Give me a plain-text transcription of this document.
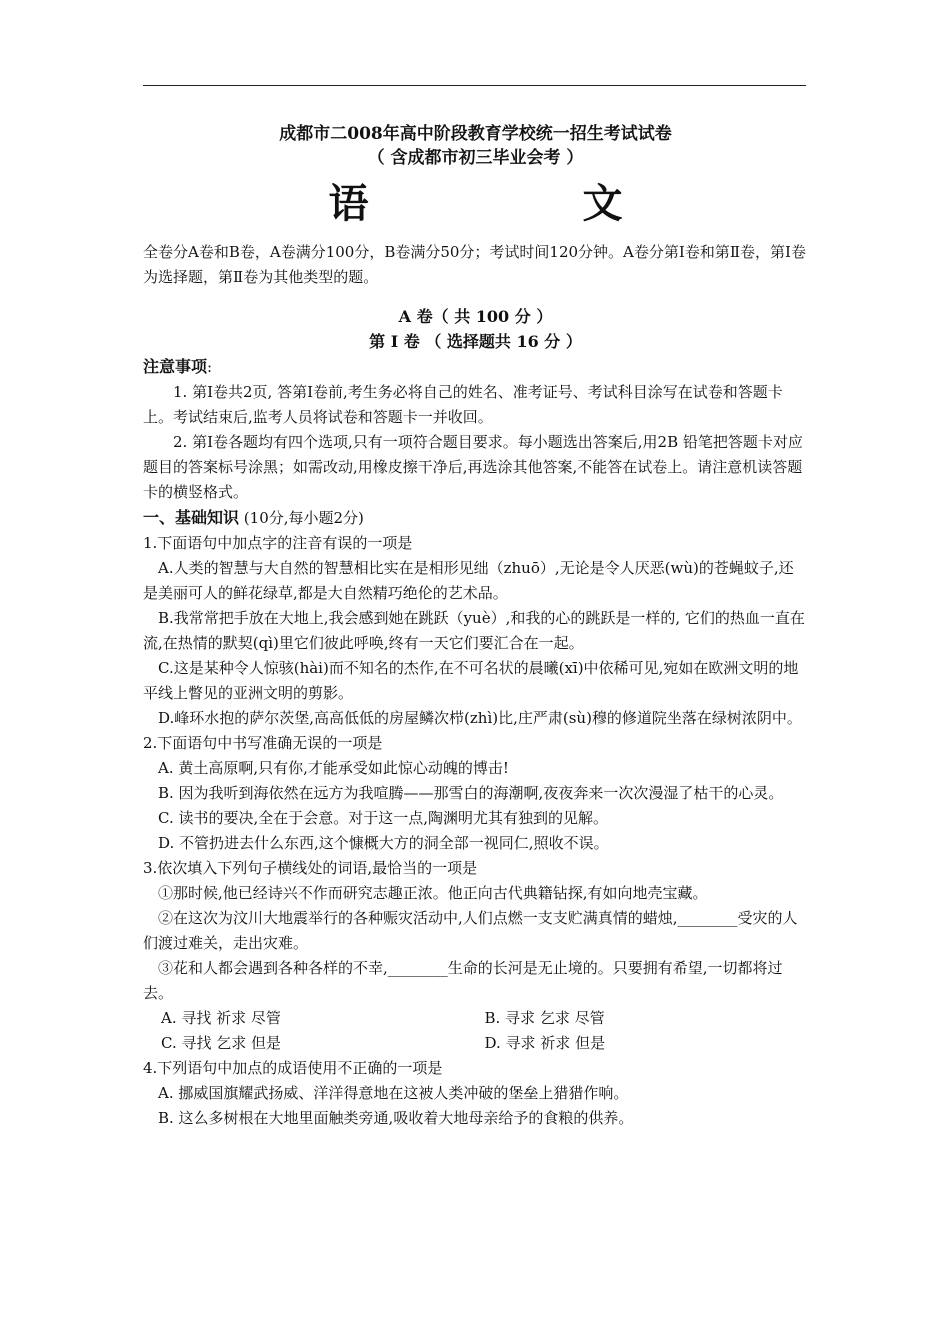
成都市二008年高中阶段教育学校统一招生考试试卷
（ 含成都市初三毕业会考 ）
语 文

全卷分A卷和B卷，A卷满分100分，B卷满分50分；考试时间120分钟。A卷分第Ⅰ卷和第Ⅱ卷，第Ⅰ卷为选择题，第Ⅱ卷为其他类型的题。

A 卷（ 共 100 分 ）
第 Ⅰ 卷 （ 选择题共 16 分 ）

注意事项:

1. 第Ⅰ卷共2页, 答第Ⅰ卷前,考生务必将自己的姓名、准考证号、考试科目涂写在试卷和答题卡上。考试结束后,监考人员将试卷和答题卡一并收回。

2. 第Ⅰ卷各题均有四个选项,只有一项符合题目要求。每小题选出答案后,用2B 铅笔把答题卡对应题目的答案标号涂黑；如需改动,用橡皮擦干净后,再选涂其他答案,不能答在试卷上。请注意机读答题卡的横竖格式。

一、基础知识 (10分,每小题2分)

1.下面语句中加点字的注音有误的一项是

A.人类的智慧与大自然的智慧相比实在是相形见绌（zhuō）,无论是令人厌恶(wù)的苍蝇蚊子,还是美丽可人的鲜花绿草,都是大自然精巧绝伦的艺术品。

B.我常常把手放在大地上,我会感到她在跳跃（yuè）,和我的心的跳跃是一样的, 它们的热血一直在流,在热情的默契(qì)里它们彼此呼唤,终有一天它们要汇合在一起。

C.这是某种令人惊骇(hài)而不知名的杰作,在不可名状的晨曦(xī)中依稀可见,宛如在欧洲文明的地平线上瞥见的亚洲文明的剪影。

D.峰环水抱的萨尔茨堡,高高低低的房屋鳞次栉(zhì)比,庄严肃(sù)穆的修道院坐落在绿树浓阴中。

2.下面语句中书写准确无误的一项是

A. 黄土高原啊,只有你,才能承受如此惊心动魄的博击!

B. 因为我听到海依然在远方为我喧腾——那雪白的海潮啊,夜夜奔来一次次漫湿了枯干的心灵。

C. 读书的要决,全在于会意。对于这一点,陶渊明尤其有独到的见解。

D. 不管扔进去什么东西,这个慷概大方的洞全部一视同仁,照收不误。

3.依次填入下列句子横线处的词语,最恰当的一项是

①那时候,他已经诗兴不作而研究志趣正浓。他正向古代典籍钻探,有如向地壳宝藏。

②在这次为汶川大地震举行的各种赈灾活动中,人们点燃一支支贮满真情的蜡烛,________受灾的人们渡过难关，走出灾难。

③花和人都会遇到各种各样的不幸,________生命的长河是无止境的。只要拥有希望,一切都将过去。

A. 寻找 祈求 尽管	B. 寻求 乞求 尽管
C. 寻找 乞求 但是	D. 寻求 祈求 但是

4.下列语句中加点的成语使用不正确的一项是

A. 挪威国旗耀武扬威、洋洋得意地在这被人类冲破的堡垒上猎猎作响。

B. 这么多树根在大地里面触类旁通,吸收着大地母亲给予的食粮的供养。
